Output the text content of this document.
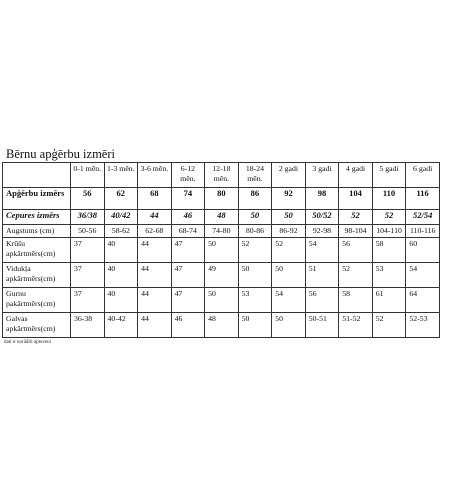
Bērnu apģērbu izmēri
	0-1 mēn.	1-3 mēn.	3-6 mēn.	6-12 mēn.	12-18 mēn.	18-24 mēn.	2 gadi	3 gadi	4 gadi	5 gadi	6 gadi
Apģērbu izmērs	56	62	68	74	80	86	92	98	104	110	116
Cepures izmērs	36/38	40/42	44	46	48	50	50	50/52	52	52	52/54
Augstums (cm)	50-56	58-62	62-68	68-74	74-80	80-86	86-92	92-98	98-104	104-110	110-116
Krūšu apkārtmērs(cm)	37	40	44	47	50	52	52	54	56	58	60
Vidukļa apkārtmērs(cm)	37	40	44	47	49	50	50	51	52	53	54
Gurnu pakārtmērs(cm)	37	40	44	47	50	53	54	56	58	61	64
Galvas apkārtmērs(cm)	36-38	40-42	44	46	48	50	50	50-51	51-52	52	52-53
dati ir norādīti aptuveni
